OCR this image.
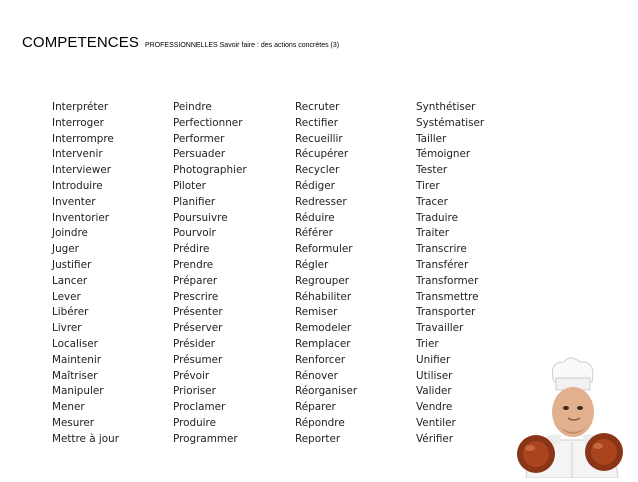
COMPETENCES PROFESSIONNELLES Savoir faire : des actions concrètes (3)
Interpréter
Interroger
Interrompre
Intervenir
Interviewer
Introduire
Inventer
Inventorier
Joindre
Juger
Justifier
Lancer
Lever
Libérer
Livrer
Localiser
Maintenir
Maîtriser
Manipuler
Mener
Mesurer
Mettre à jour
Peindre
Perfectionner
Performer
Persuader
Photographier
Piloter
Planifier
Poursuivre
Pourvoir
Prédire
Prendre
Préparer
Prescrire
Présenter
Préserver
Présider
Présumer
Prévoir
Prioriser
Proclamer
Produire
Programmer
Recruter
Rectifier
Recueillir
Récupérer
Recycler
Rédiger
Redresser
Réduire
Référer
Reformuler
Régler
Regrouper
Réhabiliter
Remiser
Remodeler
Remplacer
Renforcer
Rénover
Réorganiser
Réparer
Répondre
Reporter
Synthétiser
Systématiser
Tailler
Témoigner
Tester
Tirer
Tracer
Traduire
Traiter
Transcrire
Transférer
Transformer
Transmettre
Transporter
Travailler
Trier
Unifier
Utiliser
Valider
Vendre
Ventiler
Vérifier
